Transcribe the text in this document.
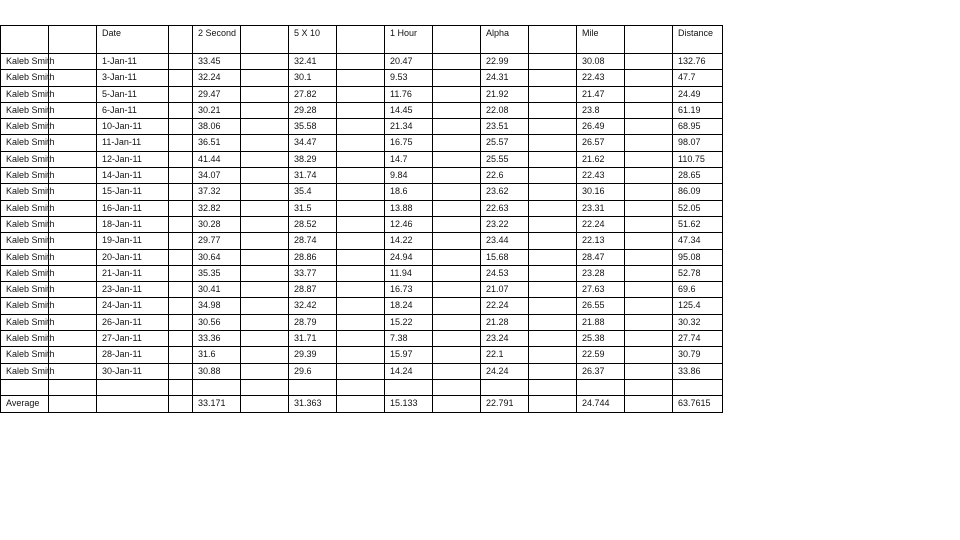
		Date		2 Second		5 X 10		1 Hour		Alpha		Mile		Distance
Kaleb Smith		1-Jan-11		33.45		32.41		20.47		22.99		30.08		132.76
Kaleb Smith		3-Jan-11		32.24		30.1		9.53		24.31		22.43		47.7
Kaleb Smith		5-Jan-11		29.47		27.82		11.76		21.92		21.47		24.49
Kaleb Smith		6-Jan-11		30.21		29.28		14.45		22.08		23.8		61.19
Kaleb Smith		10-Jan-11		38.06		35.58		21.34		23.51		26.49		68.95
Kaleb Smith		11-Jan-11		36.51		34.47		16.75		25.57		26.57		98.07
Kaleb Smith		12-Jan-11		41.44		38.29		14.7		25.55		21.62		110.75
Kaleb Smith		14-Jan-11		34.07		31.74		9.84		22.6		22.43		28.65
Kaleb Smith		15-Jan-11		37.32		35.4		18.6		23.62		30.16		86.09
Kaleb Smith		16-Jan-11		32.82		31.5		13.88		22.63		23.31		52.05
Kaleb Smith		18-Jan-11		30.28		28.52		12.46		23.22		22.24		51.62
Kaleb Smith		19-Jan-11		29.77		28.74		14.22		23.44		22.13		47.34
Kaleb Smith		20-Jan-11		30.64		28.86		24.94		15.68		28.47		95.08
Kaleb Smith		21-Jan-11		35.35		33.77		11.94		24.53		23.28		52.78
Kaleb Smith		23-Jan-11		30.41		28.87		16.73		21.07		27.63		69.6
Kaleb Smith		24-Jan-11		34.98		32.42		18.24		22.24		26.55		125.4
Kaleb Smith		26-Jan-11		30.56		28.79		15.22		21.28		21.88		30.32
Kaleb Smith		27-Jan-11		33.36		31.71		7.38		23.24		25.38		27.74
Kaleb Smith		28-Jan-11		31.6		29.39		15.97		22.1		22.59		30.79
Kaleb Smith		30-Jan-11		30.88		29.6		14.24		24.24		26.37		33.86

Average				33.171		31.363		15.133		22.791		24.744		63.7615
